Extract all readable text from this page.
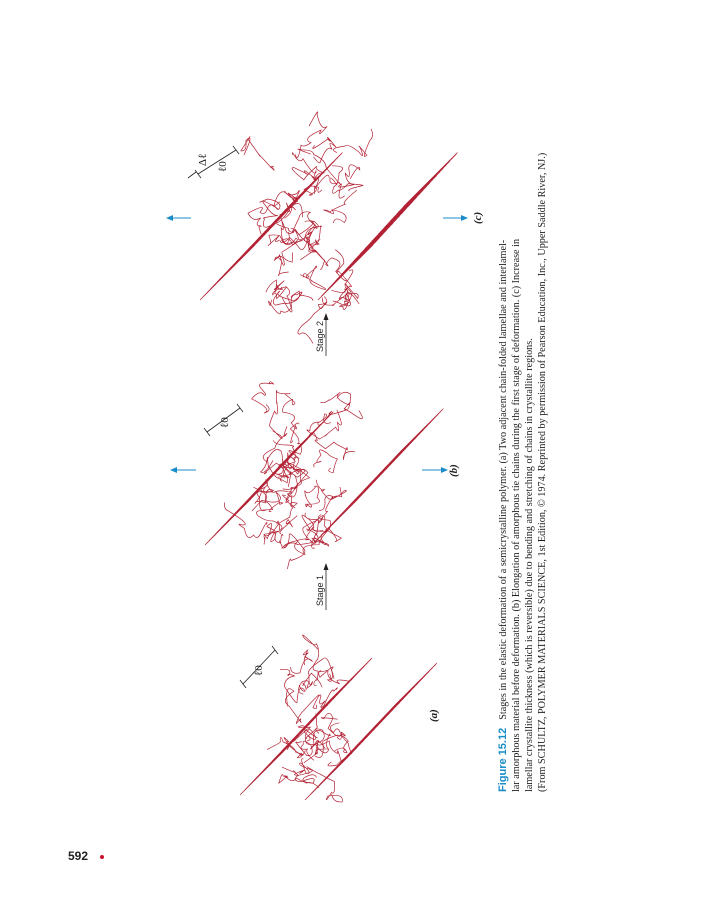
592
ℓ0
(a)
Stage 1
ℓ0
(b)
Stage 2
ℓ0
Δℓ
(c)
Figure 15.12Stages in the elastic deformation of a semicrystalline polymer. (a) Two adjacent chain-folded lamellae and interlamel- lar amorphous material before deformation. (b) Elongation of amorphous tie chains during the first stage of deformation. (c) Increase in lamellar crystallite thickness (which is reversible) due to bending and stretching of chains in crystallite regions. (From SCHULTZ, POLYMER MATERIALS SCIENCE, 1st Edition, © 1974. Reprinted by permission of Pearson Education, Inc., Upper Saddle River, NJ.)
